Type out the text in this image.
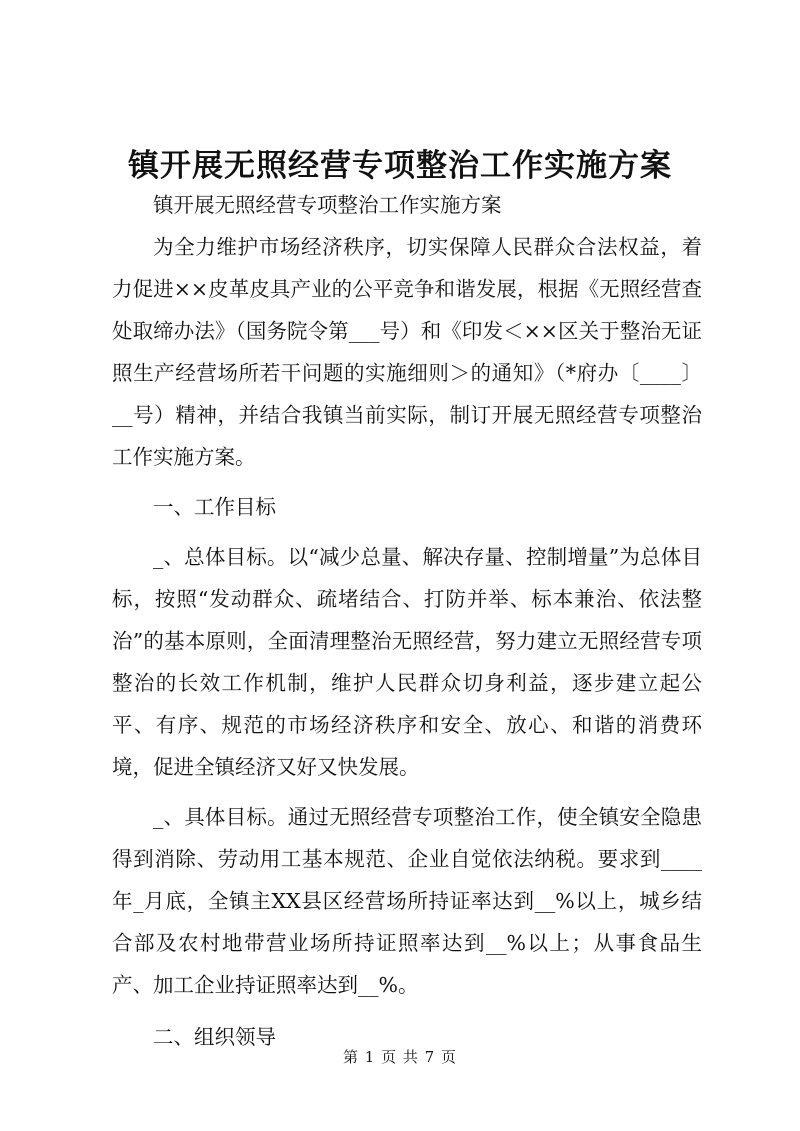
镇开展无照经营专项整治工作实施方案

镇开展无照经营专项整治工作实施方案

为全力维护市场经济秩序，切实保障人民群众合法权益，着力促进××皮革皮具产业的公平竞争和谐发展，根据《无照经营查处取缔办法》（国务院令第___号）和《印发＜××区关于整治无证照生产经营场所若干问题的实施细则＞的通知》（*府办〔____〕__号）精神，并结合我镇当前实际，制订开展无照经营专项整治工作实施方案。

一、工作目标

_、总体目标。以“减少总量、解决存量、控制增量”为总体目标，按照“发动群众、疏堵结合、打防并举、标本兼治、依法整治”的基本原则，全面清理整治无照经营，努力建立无照经营专项整治的长效工作机制，维护人民群众切身利益，逐步建立起公平、有序、规范的市场经济秩序和安全、放心、和谐的消费环境，促进全镇经济又好又快发展。

_、具体目标。通过无照经营专项整治工作，使全镇安全隐患得到消除、劳动用工基本规范、企业自觉依法纳税。要求到____年_月底，全镇主XX县区经营场所持证率达到__%以上，城乡结合部及农村地带营业场所持证照率达到__%以上；从事食品生产、加工企业持证照率达到__%。

二、组织领导

第 1 页 共 7 页
